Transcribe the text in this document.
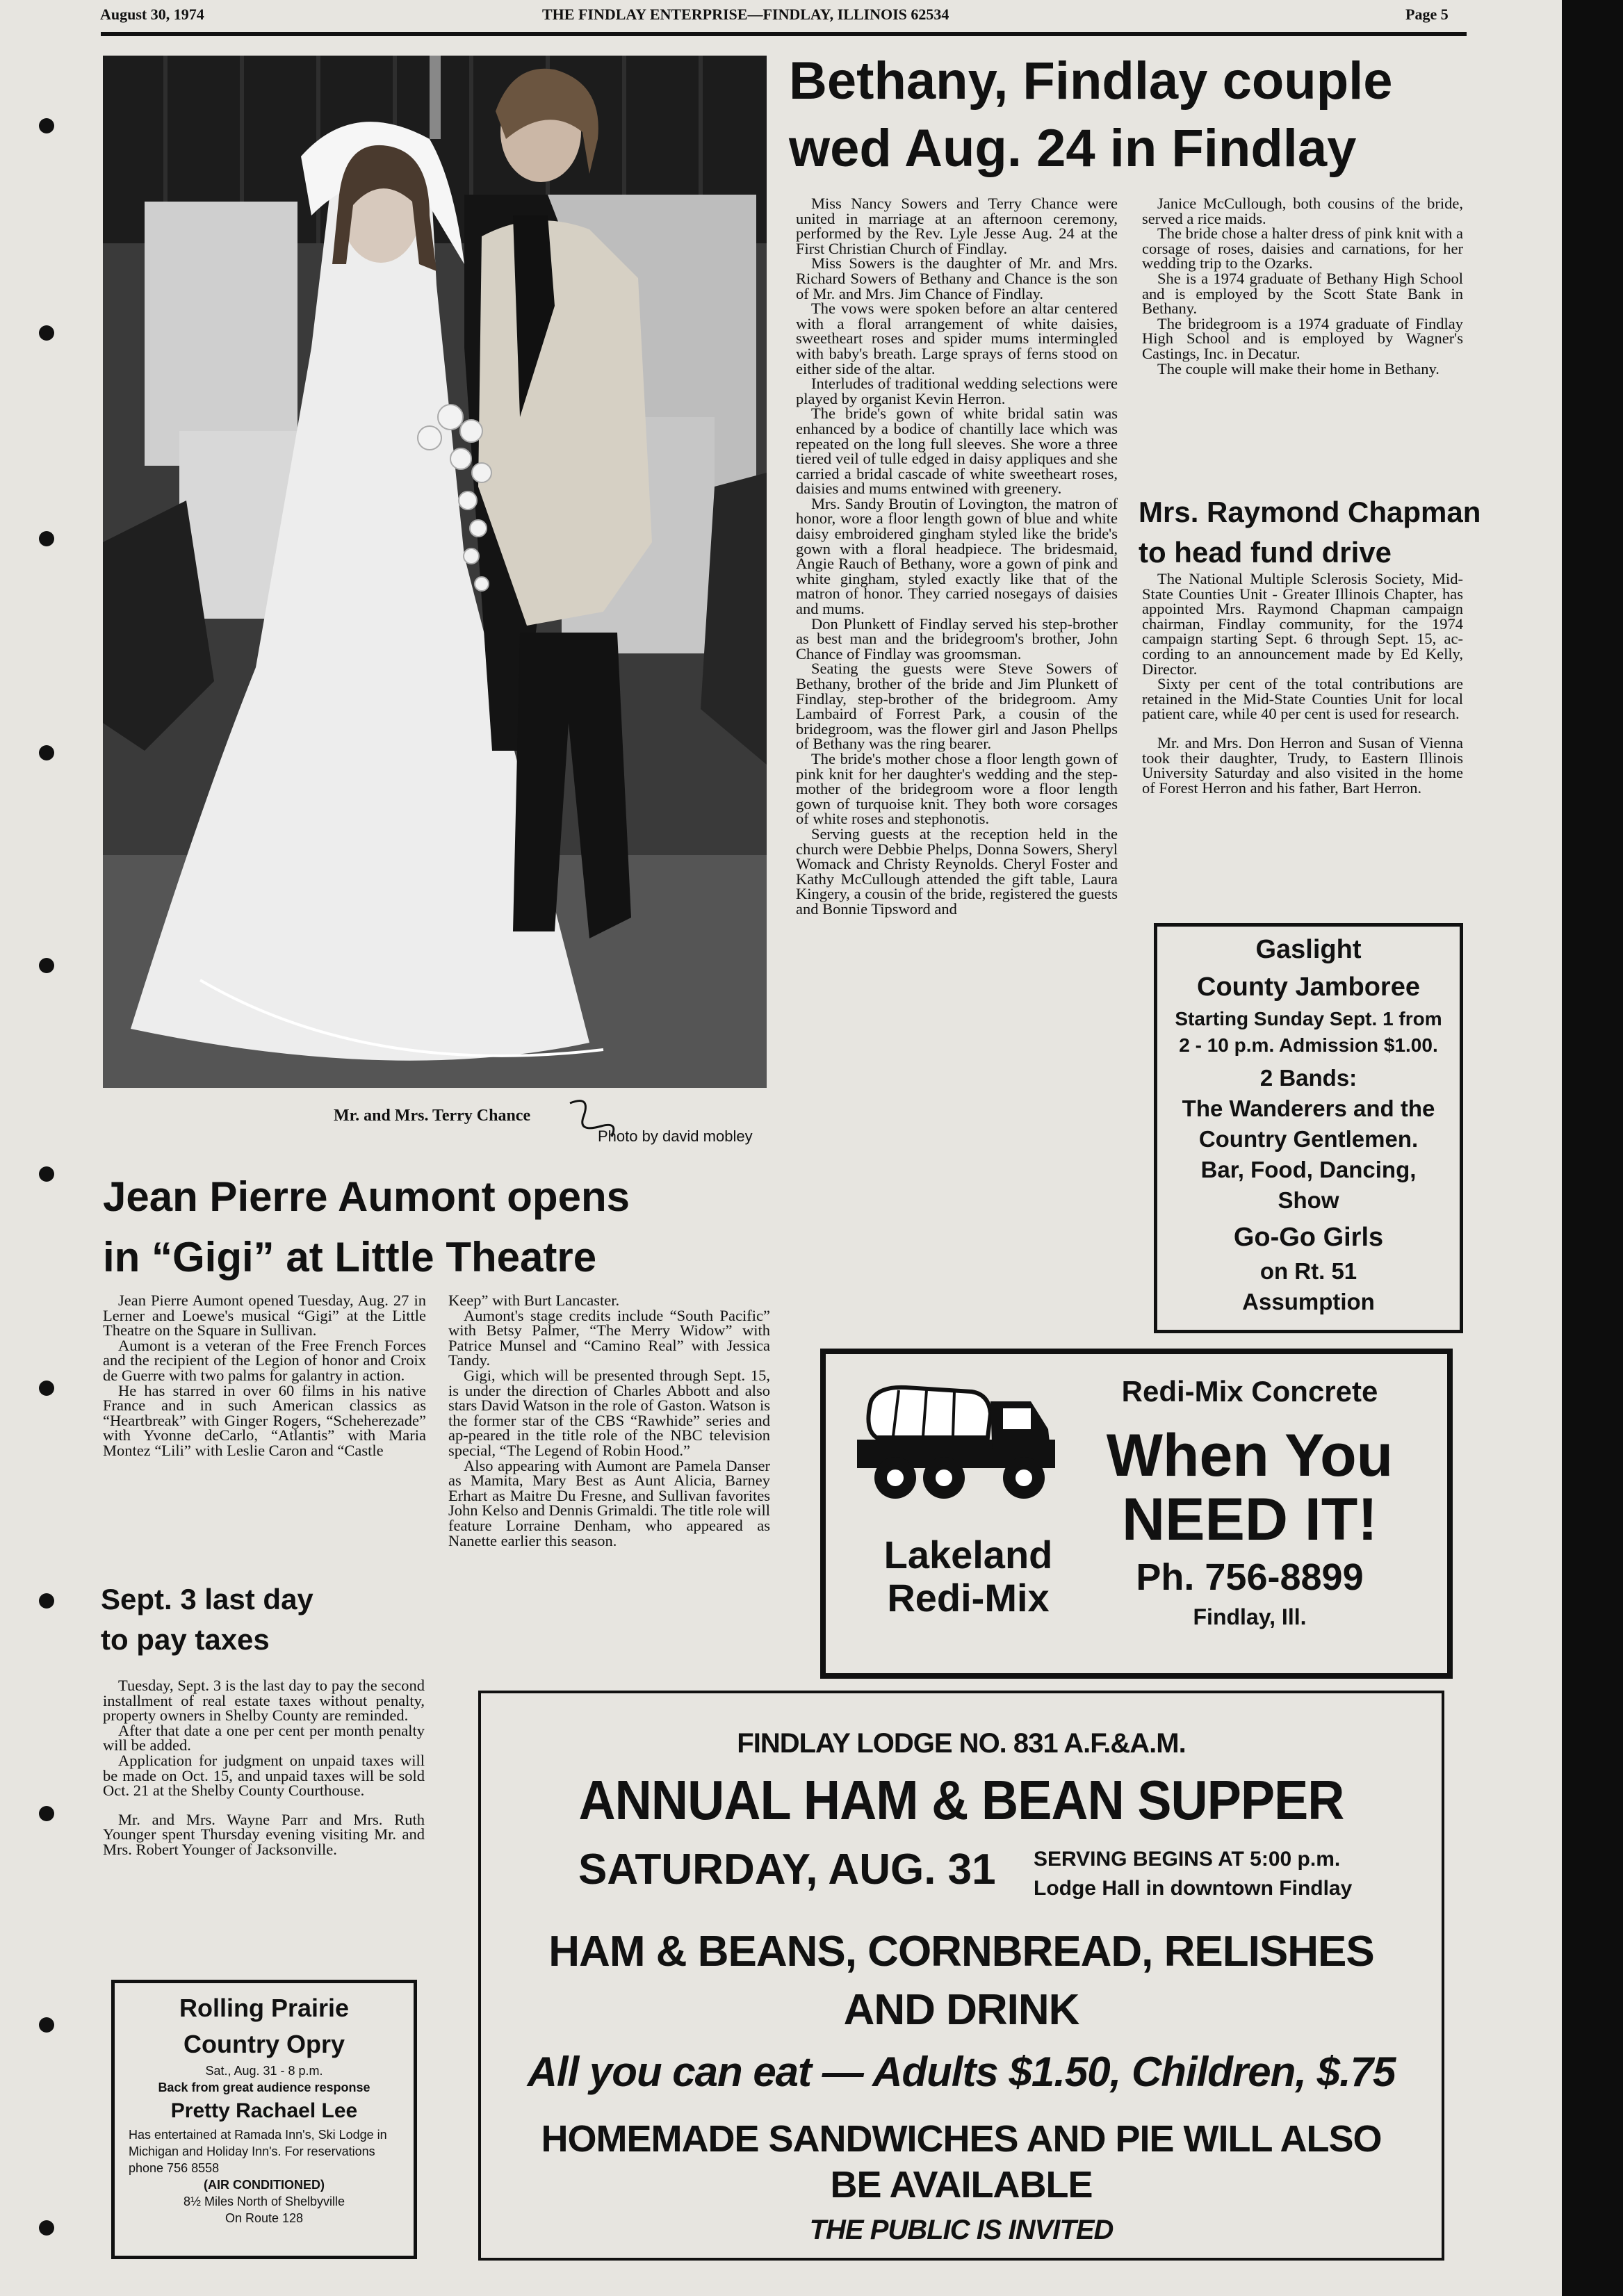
August 30, 1974	THE FINDLAY ENTERPRISE—FINDLAY, ILLINOIS 62534	Page 5
Mr. and Mrs. Terry Chance
Photo by david mobley
Bethany, Findlay couple
wed Aug. 24 in Findlay

Miss Nancy Sowers and Terry Chance were united in marriage at an afternoon ceremony, performed by the Rev. Lyle Jesse Aug. 24 at the First Christian Church of Findlay.

Miss Sowers is the daughter of Mr. and Mrs. Richard Sowers of Bethany and Chance is the son of Mr. and Mrs. Jim Chance of Findlay.

The vows were spoken before an altar centered with a floral arrangement of white daisies, sweetheart roses and spider mums intermingled with baby's breath. Large sprays of ferns stood on either side of the altar.

Interludes of traditional wedding selections were played by organist Kevin Herron.

The bride's gown of white bridal satin was enhanced by a bodice of chantilly lace which was repeated on the long full sleeves. She wore a three tiered veil of tulle edged in daisy appliques and she carried a bridal cascade of white sweetheart roses, daisies and mums entwined with greenery.

Mrs. Sandy Broutin of Lovington, the matron of honor, wore a floor length gown of blue and white daisy embroidered gingham styled like the bride's gown with a floral headpiece. The bridesmaid, Angie Rauch of Bethany, wore a gown of pink and white gingham, styled exactly like that of the matron of honor. They carried nosegays of daisies and mums.

Don Plunkett of Findlay served his step-brother as best man and the bridegroom's brother, John Chance of Findlay was groomsman.

Seating the guests were Steve Sowers of Bethany, brother of the bride and Jim Plunkett of Findlay, step-brother of the bridegroom. Amy Lambaird of Forrest Park, a cousin of the bridegroom, was the flower girl and Jason Phellps of Bethany was the ring bearer.

The bride's mother chose a floor length gown of pink knit for her daughter's wedding and the step-mother of the bridegroom wore a floor length gown of turquoise knit. They both wore corsages of white roses and stephonotis.

Serving guests at the reception held in the church were Debbie Phelps, Donna Sowers, Sheryl Womack and Christy Reynolds. Cheryl Foster and Kathy McCullough attended the gift table, Laura Kingery, a cousin of the bride, registered the guests and Bonnie Tipsword and

Janice McCullough, both cousins of the bride, served a rice maids.

The bride chose a halter dress of pink knit with a corsage of roses, daisies and carnations, for her wedding trip to the Ozarks.

She is a 1974 graduate of Bethany High School and is employed by the Scott State Bank in Bethany.

The bridegroom is a 1974 graduate of Findlay High School and is employed by Wagner's Castings, Inc. in Decatur.

The couple will make their home in Bethany.

Mrs. Raymond Chapman
to head fund drive

The National Multiple Sclerosis Society, Mid-State Counties Unit - Greater Illinois Chapter, has appointed Mrs. Raymond Chapman campaign chairman, Findlay community, for the 1974 campaign starting Sept. 6 through Sept. 15, ac-cording to an announcement made by Ed Kelly, Director.

Sixty per cent of the total contributions are retained in the Mid-State Counties Unit for local patient care, while 40 per cent is used for research.

Mr. and Mrs. Don Herron and Susan of Vienna took their daughter, Trudy, to Eastern Illinois University Saturday and also visited in the home of Forest Herron and his father, Bart Herron.

Gaslight
County Jamboree
Starting Sunday Sept. 1 from
2 - 10 p.m. Admission $1.00.
2 Bands:
The Wanderers and the
Country Gentlemen.
Bar, Food, Dancing,
Show
Go-Go Girls
on Rt. 51
Assumption
Jean Pierre Aumont opens
in “Gigi” at Little Theatre

Jean Pierre Aumont opened Tuesday, Aug. 27 in Lerner and Loewe's musical “Gigi” at the Little Theatre on the Square in Sullivan.

Aumont is a veteran of the Free French Forces and the recipient of the Legion of honor and Croix de Guerre with two palms for galantry in action.

He has starred in over 60 films in his native France and in such American classics as “Heartbreak” with Ginger Rogers, “Scheherezade” with Yvonne deCarlo, “Atlantis” with Maria Montez “Lili” with Leslie Caron and “Castle

Keep” with Burt Lancaster.

Aumont's stage credits include “South Pacific” with Betsy Palmer, “The Merry Widow” with Patrice Munsel and “Camino Real” with Jessica Tandy.

Gigi, which will be presented through Sept. 15, is under the direction of Charles Abbott and also stars David Watson in the role of Gaston. Watson is the former star of the CBS “Rawhide” series and ap-peared in the title role of the NBC television special, “The Legend of Robin Hood.”

Also appearing with Aumont are Pamela Danser as Mamita, Mary Best as Aunt Alicia, Barney Erhart as Maitre Du Fresne, and Sullivan favorites John Kelso and Dennis Grimaldi. The title role will feature Lorraine Denham, who appeared as Nanette earlier this season.

Sept. 3 last day
to pay taxes

Tuesday, Sept. 3 is the last day to pay the second installment of real estate taxes without penalty, property owners in Shelby County are reminded.

After that date a one per cent per month penalty will be added.

Application for judgment on unpaid taxes will be made on Oct. 15, and unpaid taxes will be sold Oct. 21 at the Shelby County Courthouse.

Mr. and Mrs. Wayne Parr and Mrs. Ruth Younger spent Thursday evening visiting Mr. and Mrs. Robert Younger of Jacksonville.

Lakeland
Redi-Mix
Redi-Mix Concrete
When You
NEED IT!
Ph. 756-8899
Findlay, Ill.
FINDLAY LODGE NO. 831 A.F.&A.M.
ANNUAL HAM & BEAN SUPPER
SATURDAY, AUG. 31 SERVING BEGINS AT 5:00 p.m.
Lodge Hall in downtown Findlay
HAM & BEANS, CORNBREAD, RELISHES
AND DRINK
All you can eat — Adults $1.50, Children, $.75
HOMEMADE SANDWICHES AND PIE WILL ALSO
BE AVAILABLE
THE PUBLIC IS INVITED
Rolling Prairie
Country Opry
Sat., Aug. 31 - 8 p.m.
Back from great audience response
Pretty Rachael Lee
Has entertained at Ramada Inn's, Ski Lodge in Michigan and Holiday Inn's. For reservations phone 756 8558
(AIR CONDITIONED)
8½ Miles North of Shelbyville
On Route 128
